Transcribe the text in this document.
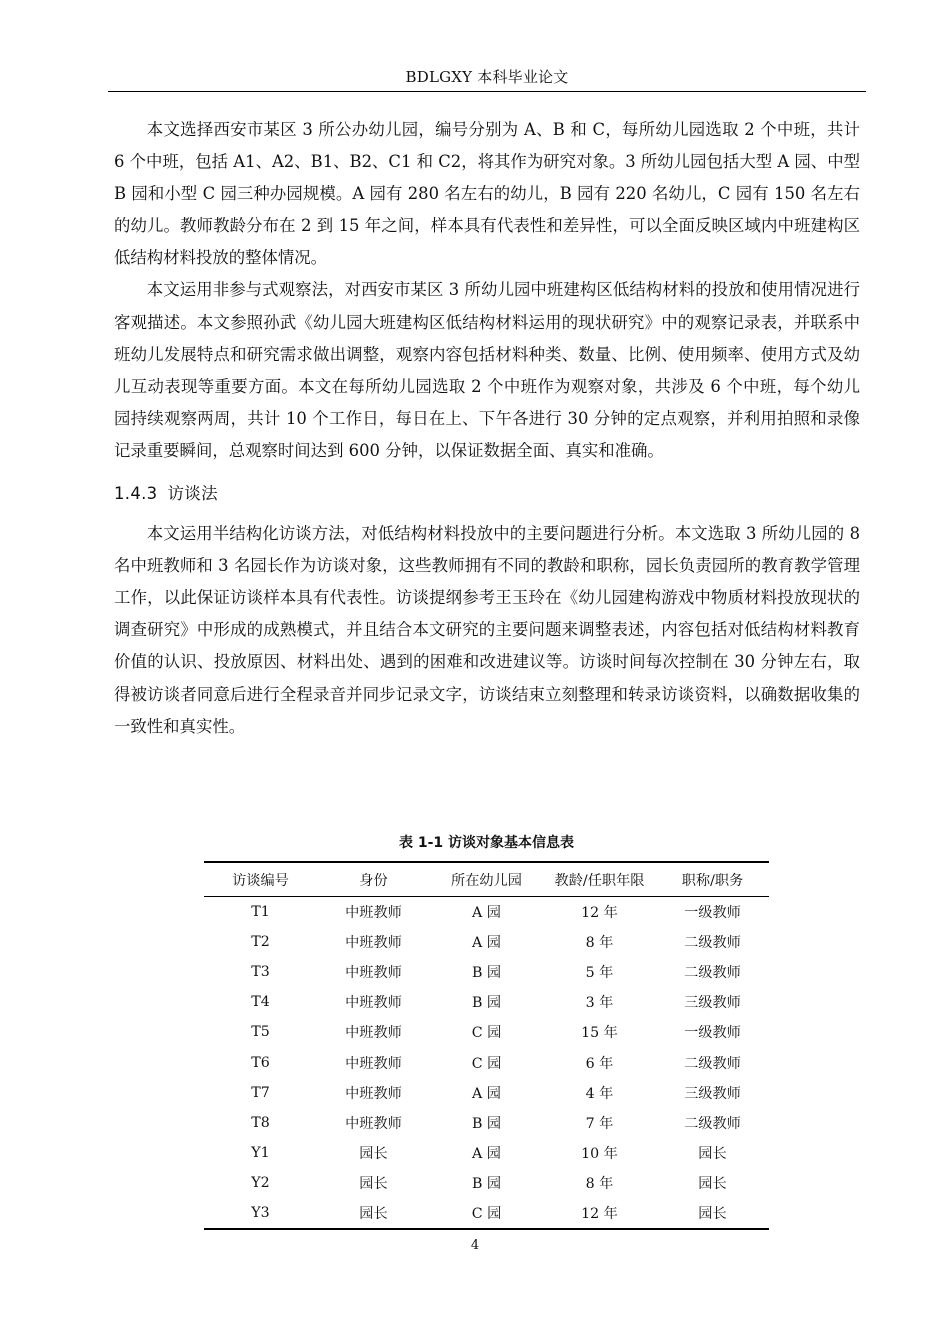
BDLGXY 本科毕业论文

本文选择西安市某区 3 所公办幼儿园，编号分别为 A、B 和 C，每所幼儿园选取 2 个中班，共计 6 个中班，包括 A1、A2、B1、B2、C1 和 C2，将其作为研究对象。3 所幼儿园包括大型 A 园、中型 B 园和小型 C 园三种办园规模。A 园有 280 名左右的幼儿，B 园有 220 名幼儿，C 园有 150 名左右的幼儿。教师教龄分布在 2 到 15 年之间，样本具有代表性和差异性，可以全面反映区域内中班建构区低结构材料投放的整体情况。

本文运用非参与式观察法，对西安市某区 3 所幼儿园中班建构区低结构材料的投放和使用情况进行客观描述。本文参照孙武《幼儿园大班建构区低结构材料运用的现状研究》中的观察记录表，并联系中班幼儿发展特点和研究需求做出调整，观察内容包括材料种类、数量、比例、使用频率、使用方式及幼儿互动表现等重要方面。本文在每所幼儿园选取 2 个中班作为观察对象，共涉及 6 个中班，每个幼儿园持续观察两周，共计 10 个工作日，每日在上、下午各进行 30 分钟的定点观察，并利用拍照和录像记录重要瞬间，总观察时间达到 600 分钟，以保证数据全面、真实和准确。

1.4.3 访谈法

本文运用半结构化访谈方法，对低结构材料投放中的主要问题进行分析。本文选取 3 所幼儿园的 8 名中班教师和 3 名园长作为访谈对象，这些教师拥有不同的教龄和职称，园长负责园所的教育教学管理工作，以此保证访谈样本具有代表性。访谈提纲参考王玉玲在《幼儿园建构游戏中物质材料投放现状的调查研究》中形成的成熟模式，并且结合本文研究的主要问题来调整表述，内容包括对低结构材料教育价值的认识、投放原因、材料出处、遇到的困难和改进建议等。访谈时间每次控制在 30 分钟左右，取得被访谈者同意后进行全程录音并同步记录文字，访谈结束立刻整理和转录访谈资料，以确数据收集的一致性和真实性。

表 1-1 访谈对象基本信息表
访谈编号	身份	所在幼儿园	教龄/任职年限	职称/职务
T1	中班教师	A 园	12 年	一级教师
T2	中班教师	A 园	8 年	二级教师
T3	中班教师	B 园	5 年	二级教师
T4	中班教师	B 园	3 年	三级教师
T5	中班教师	C 园	15 年	一级教师
T6	中班教师	C 园	6 年	二级教师
T7	中班教师	A 园	4 年	三级教师
T8	中班教师	B 园	7 年	二级教师
Y1	园长	A 园	10 年	园长
Y2	园长	B 园	8 年	园长
Y3	园长	C 园	12 年	园长
4
